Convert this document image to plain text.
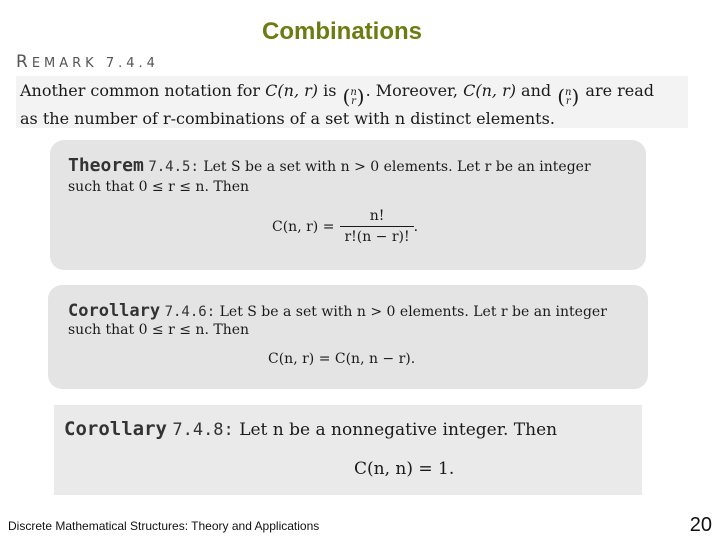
Combinations
REMARK 7.4.4

Another common notation for C(n, r) is (n
r). Moreover, C(n, r) and (n
r) are read

as the number of r-combinations of a set with n distinct elements.

Theorem 7.4.5: Let S be a set with n > 0 elements. Let r be an integer
such that 0 ≤ r ≤ n. Then
C(n, $r) = \frac{n!}{r!(n - r)!}$ .
Corollary 7.4.6: Let S be a set with n > 0 elements. Let r be an integer
such that 0 ≤ r ≤ n. Then
C(n, r) = C(n, n − r).
Corollary 7.4.8: Let n be a nonnegative integer. Then
C(n, n) = 1.
Discrete Mathematical Structures: Theory and Applications	20
